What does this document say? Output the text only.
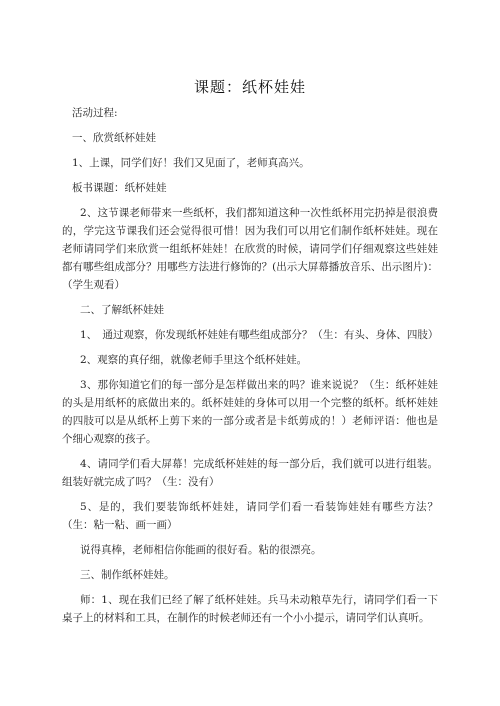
课题：纸杯娃娃

活动过程:

一、欣赏纸杯娃娃

1、上课，同学们好！我们又见面了，老师真高兴。

板书课题：纸杯娃娃

2、这节课老师带来一些纸杯，我们都知道这种一次性纸杯用完扔掉是很浪费的，学完这节课我们还会觉得很可惜！因为我们可以用它们制作纸杯娃娃。现在老师请同学们来欣赏一组纸杯娃娃！在欣赏的时候，请同学们仔细观察这些娃娃都有哪些组成部分？用哪些方法进行修饰的？(出示大屏幕播放音乐、出示图片)：（学生观看）

二、了解纸杯娃娃

1、　通过观察，你发现纸杯娃娃有哪些组成部分？（生：有头、身体、四肢）

2、观察的真仔细，就像老师手里这个纸杯娃娃。

3、那你知道它们的每一部分是怎样做出来的吗？谁来说说？（生：纸杯娃娃的头是用纸杯的底做出来的。纸杯娃娃的身体可以用一个完整的纸杯。纸杯娃娃的四肢可以是从纸杯上剪下来的一部分或者是卡纸剪成的！）老师评语：他也是个细心观察的孩子。

4、请同学们看大屏幕！完成纸杯娃娃的每一部分后，我们就可以进行组装。组装好就完成了吗？（生：没有）

5、是的，我们要装饰纸杯娃娃，请同学们看一看装饰娃娃有哪些方法？（生：粘一粘、画一画）

说得真棒，老师相信你能画的很好看。粘的很漂亮。

三、制作纸杯娃娃。

师：1、现在我们已经了解了纸杯娃娃。兵马未动粮草先行，请同学们看一下桌子上的材料和工具，在制作的时候老师还有一个小小提示，请同学们认真听。
